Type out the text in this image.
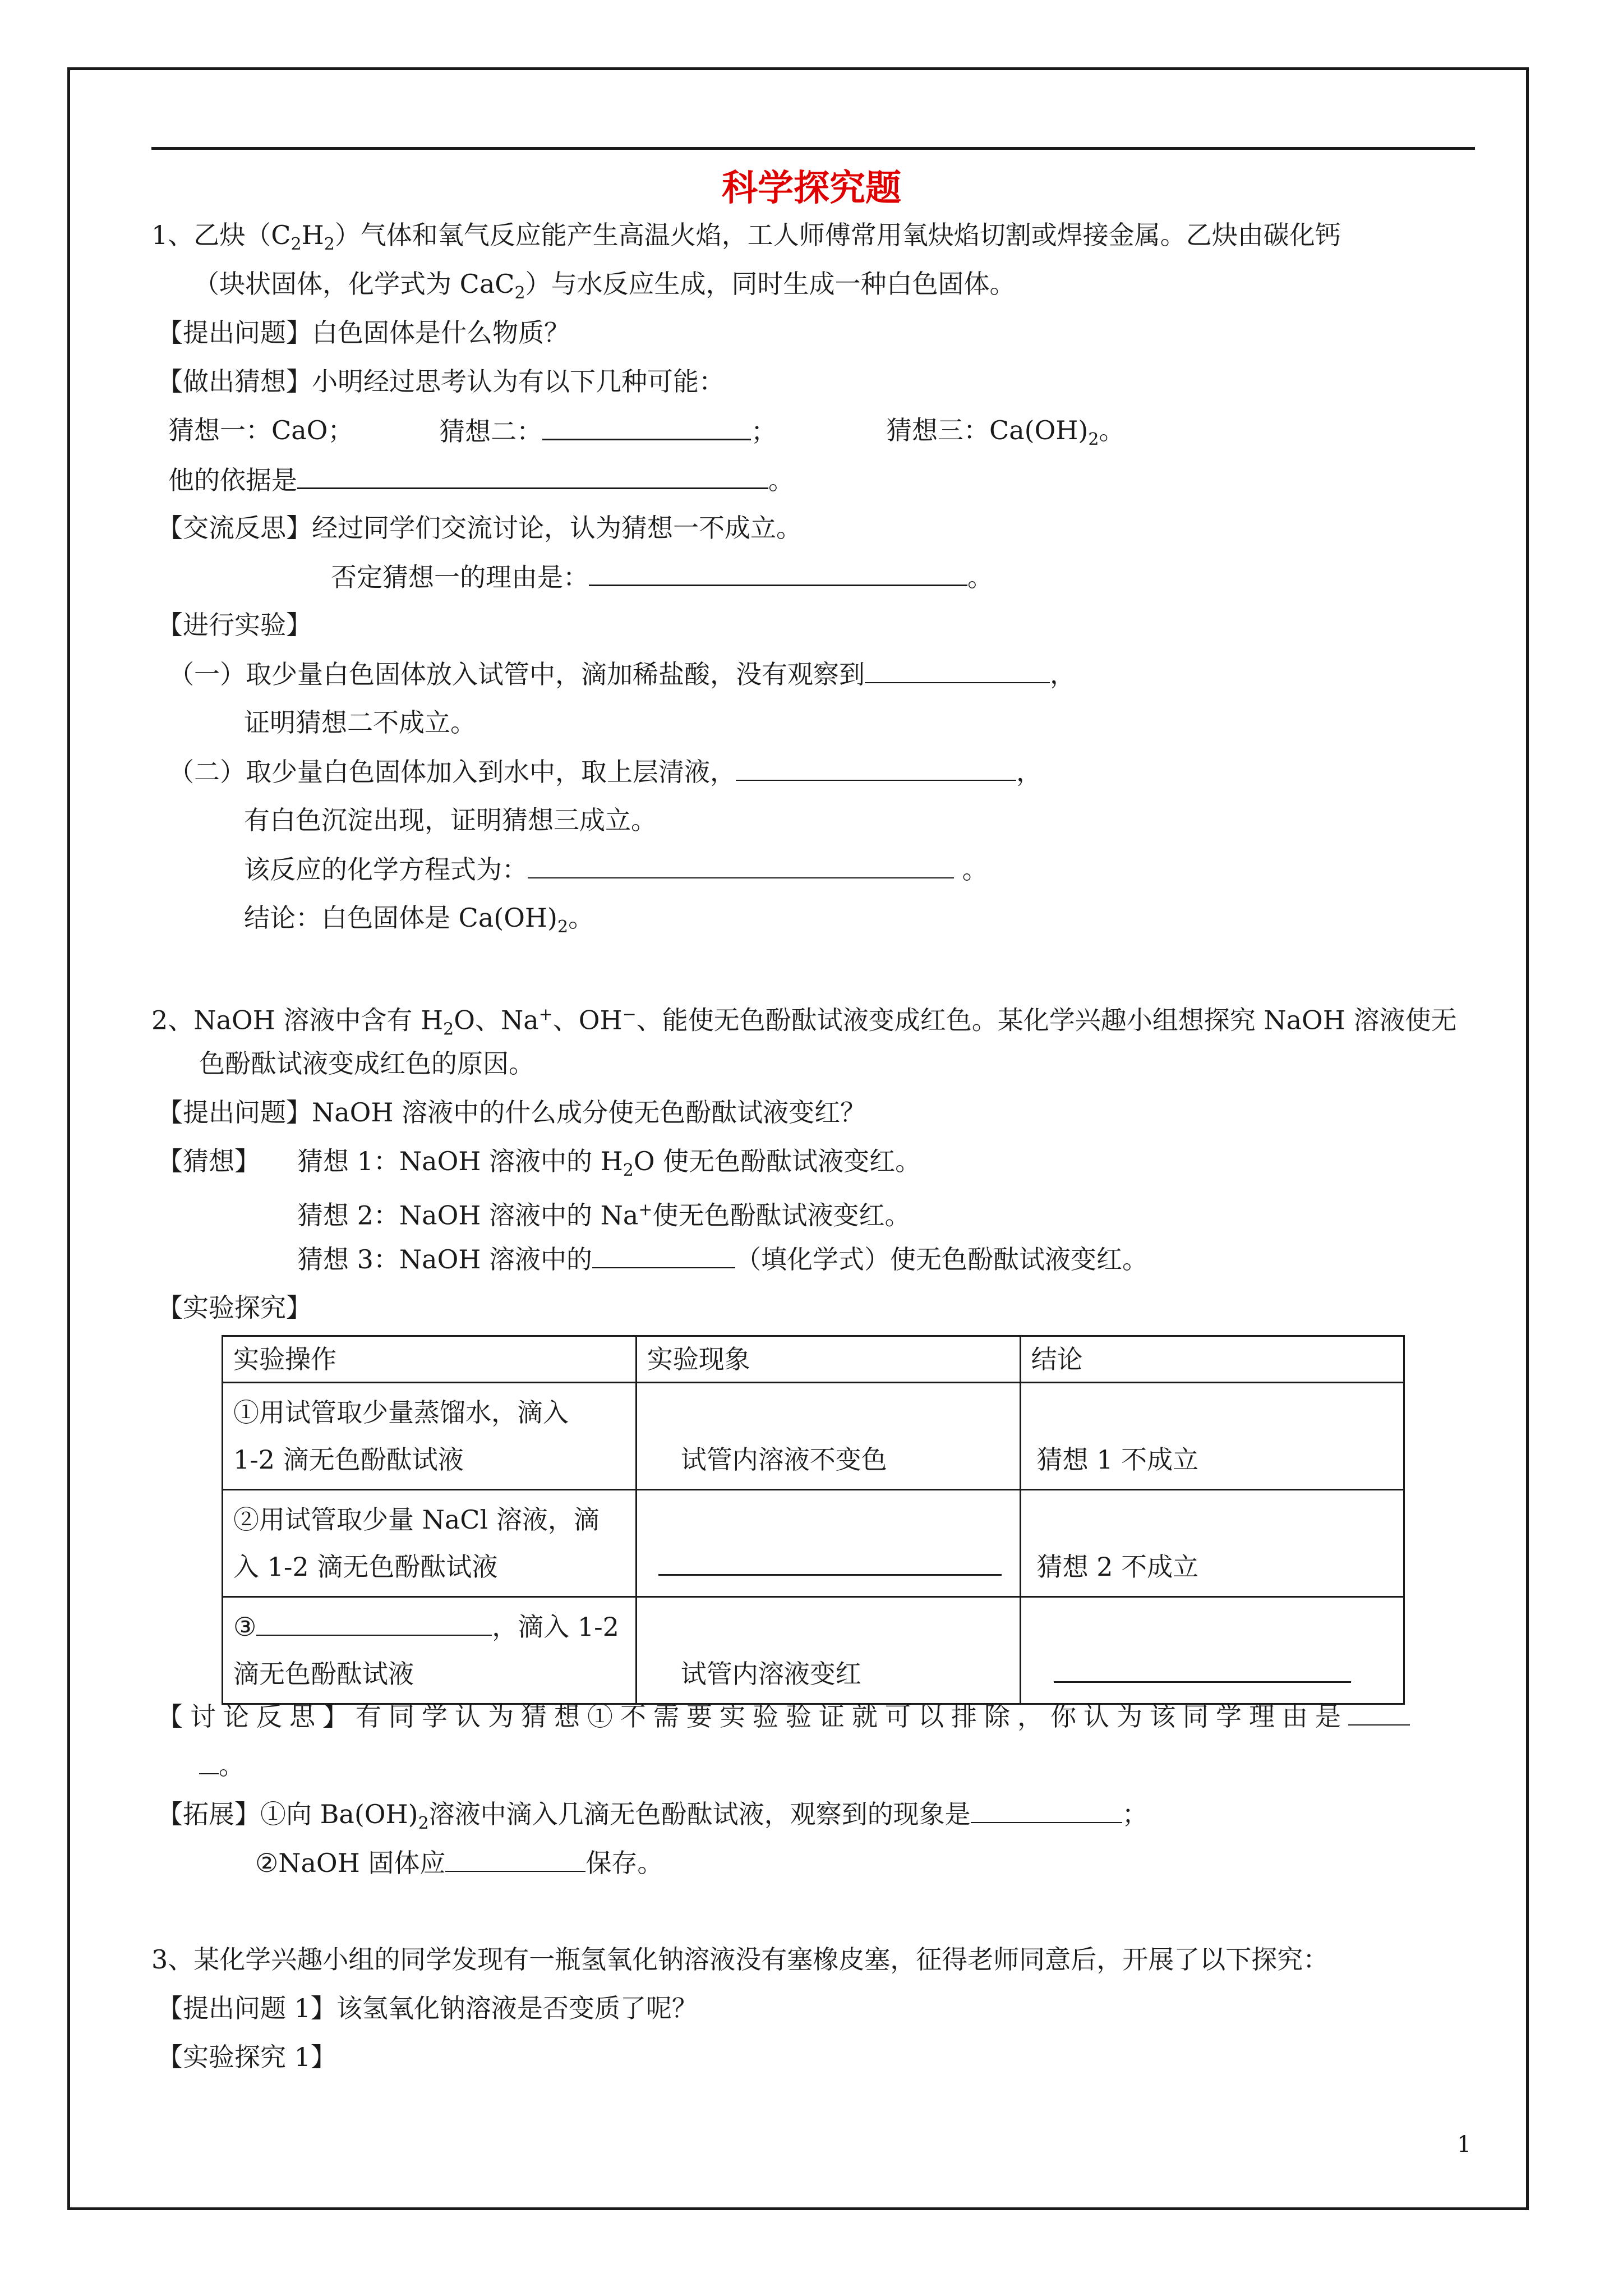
科学探究题
1、乙炔$(C_2H_2)$气体和氧气反应能产生高温火焰，工人师傅常用氧炔焰切割或焊接金属。乙炔由碳化钙
（块状固体，化学式为 CaC$_2$）与水反应生成，同时生成一种白色固体。
【提出问题】白色固体是什么物质？
【做出猜想】小明经过思考认为有以下几种可能：
猜想一：CaO；	猜想二：	；	猜想三：$Ca(OH)_2$。
他的依据是	。
【交流反思】经过同学们交流讨论，认为猜想一不成立。
否定猜想一的理由是：	。
【进行实验】
（一）取少量白色固体放入试管中，滴加稀盐酸，没有观察到	，
证明猜想二不成立。
（二）取少量白色固体加入到水中，取上层清液，	，
有白色沉淀出现，证明猜想三成立。
该反应的化学方程式为：	。
结论：白色固体是 $Ca(OH)_2$。
2、NaOH 溶液中含有 $H_2O$、Na+、OH−、能使无色酚酞试液变成红色。某化学兴趣小组想探究 NaOH 溶液使无
色酚酞试液变成红色的原因。
【提出问题】NaOH 溶液中的什么成分使无色酚酞试液变红？
【猜想】 猜想 1：NaOH 溶液中的 $H_2O$ 使无色酚酞试液变红。
猜想 2：NaOH 溶液中的 Na+使无色酚酞试液变红。
猜想 3：NaOH 溶液中的	（填化学式）使无色酚酞试液变红。
【实验探究】
实验操作	实验现象	结论

①用试管取少量蒸馏水，滴入
1-2 滴无色酚酞试液	试管内溶液不变色	猜想 1 不成立

②用试管取少量 NaCl 溶液，滴
入 1-2 滴无色酚酞试液		猜想 2 不成立

③ ，滴入 1-2
滴无色酚酞试液	试管内溶液变红	

【讨论反思】有同学认为猜想①不需要实验验证就可以排除，你认为该同学理由是
。
【拓展】①向 $Ba(OH)_2$溶液中滴入几滴无色酚酞试液，观察到的现象是	；
②NaOH 固体应	保存。
3、某化学兴趣小组的同学发现有一瓶氢氧化钠溶液没有塞橡皮塞，征得老师同意后，开展了以下探究：
【提出问题 1】该氢氧化钠溶液是否变质了呢？
【实验探究 1】
1
